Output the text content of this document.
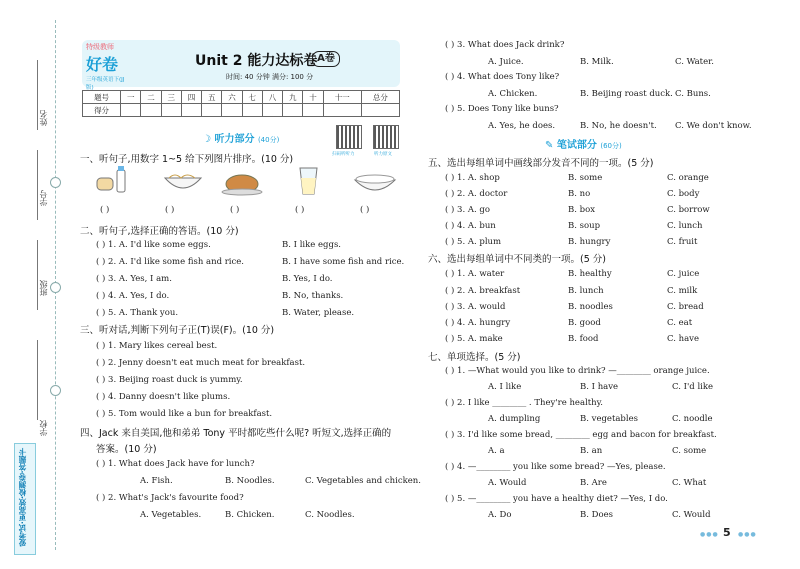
姓名
学号
班级
学校
爱考试·更高效·检测卷·答题卡
特级教师
好卷
三年级英语下(JJ版)
Unit 2 能力达标卷 A卷
时间: 40 分钟 满分: 100 分
题号	一	二	三	四	五	六	七	八	九	十	十一	总分
得分												
☽ 听力部分 (40分)
扫码听听力	听力原文
一、听句子,用数字 1~5 给下列图片排序。(10 分)
( )	( )	( )	( )	( )
二、听句子,选择正确的答语。(10 分)
( ) 1. A. I'd like some eggs.	B. I like eggs.
( ) 2. A. I'd like some fish and rice.	B. I have some fish and rice.
( ) 3. A. Yes, I am.	B. Yes, I do.
( ) 4. A. Yes, I do.	B. No, thanks.
( ) 5. A. Thank you.	B. Water, please.
三、听对话,判断下列句子正(T)误(F)。(10 分)
( ) 1. Mary likes cereal best.
( ) 2. Jenny doesn't eat much meat for breakfast.
( ) 3. Beijing roast duck is yummy.
( ) 4. Danny doesn't like plums.
( ) 5. Tom would like a bun for breakfast.
四、Jack 来自美国,他和弟弟 Tony 平时都吃些什么呢? 听短文,选择正确的
答案。(10 分)
( ) 1. What does Jack have for lunch?
A. Fish.	B. Noodles.	C. Vegetables and chicken.
( ) 2. What's Jack's favourite food?
A. Vegetables.	B. Chicken.	C. Noodles.
( ) 3. What does Jack drink?
A. Juice.	B. Milk.	C. Water.
( ) 4. What does Tony like?
A. Chicken.	B. Beijing roast duck. C. Buns.
( ) 5. Does Tony like buns?
A. Yes, he does.	B. No, he doesn't. C. We don't know.
✎ 笔试部分 (60分)
五、选出每组单词中画线部分发音不同的一项。(5 分)
( ) 1. A. shop	B. some	C. orange
( ) 2. A. doctor	B. no	C. body
( ) 3. A. go	B. box	C. borrow
( ) 4. A. bun	B. soup	C. lunch
( ) 5. A. plum	B. hungry	C. fruit
六、选出每组单词中不同类的一项。(5 分)
( ) 1. A. water	B. healthy	C. juice
( ) 2. A. breakfast	B. lunch	C. milk
( ) 3. A. would	B. noodles	C. bread
( ) 4. A. hungry	B. good	C. eat
( ) 5. A. make	B. food	C. have
七、单项选择。(5 分)
( ) 1. —What would you like to drink? —________ orange juice.
A. I like	B. I have	C. I'd like
( ) 2. I like ________ . They're healthy.
A. dumpling	B. vegetables	C. noodle
( ) 3. I'd like some bread, ________ egg and bacon for breakfast.
A. a	B. an	C. some
( ) 4. —________ you like some bread? —Yes, please.
A. Would	B. Are	C. What
( ) 5. —________ you have a healthy diet? —Yes, I do.
A. Do	B. Does	C. Would
●●● 5 ●●●
